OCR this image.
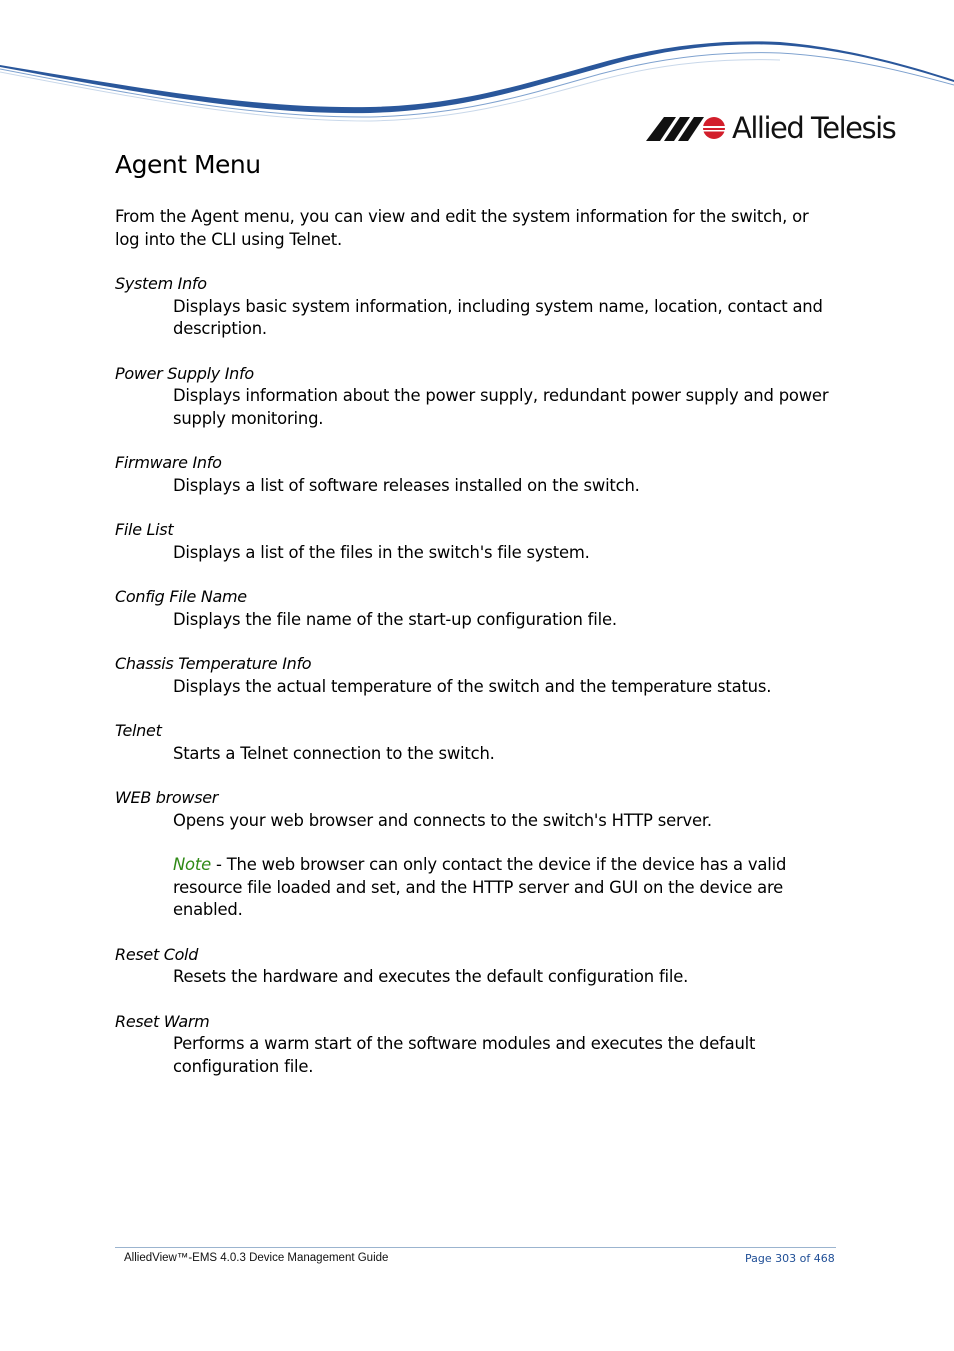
Allied Telesis
Agent Menu

From the Agent menu, you can view and edit the system information for the switch, or log into the CLI using Telnet.

System Info
Displays basic system information, including system name, location, contact and description.
Power Supply Info
Displays information about the power supply, redundant power supply and power supply monitoring.
Firmware Info
Displays a list of software releases installed on the switch.
File List
Displays a list of the files in the switch's file system.
Config File Name
Displays the file name of the start-up configuration file.
Chassis Temperature Info
Displays the actual temperature of the switch and the temperature status.
Telnet
Starts a Telnet connection to the switch.
WEB browser
Opens your web browser and connects to the switch's HTTP server.
Note - The web browser can only contact the device if the device has a valid resource file loaded and set, and the HTTP server and GUI on the device are enabled.
Reset Cold
Resets the hardware and executes the default configuration file.
Reset Warm
Performs a warm start of the software modules and executes the default configuration file.
AlliedView™-EMS 4.0.3 Device Management Guide	Page 303 of 468
